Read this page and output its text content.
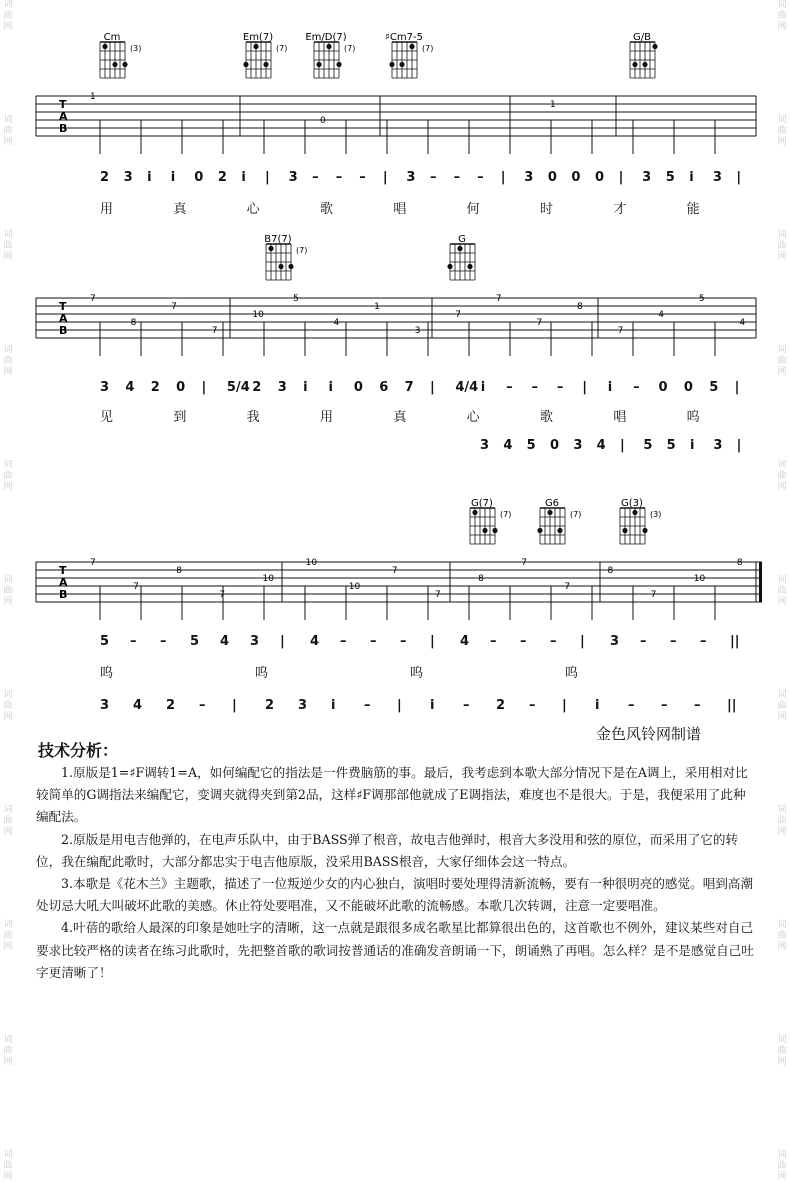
词
曲
网
词
曲
网
词
曲
网
词
曲
网
词
曲
网
词
曲
网
词
曲
网
词
曲
网
词
曲
网
词
曲
网
词
曲
网
词
曲
网
词
曲
网
词
曲
网
词
曲
网
词
曲
网
词
曲
网
词
曲
网
词
曲
网
词
曲
网
词
曲
网
词
曲
网
T
A
B
Cm
(3)
Em(7)
(7)
Em/D(7)
(7)
♯Cm7-5
(7)
G/B
1
0
1
2 3 i i 0 2 i | 3 – – – | 3 – – – | 3 0 0 0 | 3 5 i 3 |
用	真	心	歌	唱	何	时	才	能
T
A
B
B7(7)
(7)
G
7
8
7
7
10
5
4
1
3
7
7
7
8
7
4
5
4
3 4 2 0 | 5/4 2 3 i i 0 6 7 | 4/4 i – – – | i – 0 0 5 |
见	到	我	用	真	心	歌	唱	呜
3 4 5 0 3 4 | 5 5 i 3 |
T
A
B
G(7)
(7)
G6
(7)
G(3)
(3)
7
7
8
7
10
10
10
7
7
8
7
7
8
7
10
8
5 – – 5 4 3 | 4 – – – | 4 – – – | 3 – – – ||
呜	呜	呜	呜
3 4 2 – | 2 3 i – | i – 2 – | i – – – ||
金色风铃网制谱
技术分析：

1.原版是1=♯F调转1=A，如何编配它的指法是一件费脑筋的事。最后，我考虑到本歌大部分情况下是在A调上，采用相对比较简单的G调指法来编配它，变调夹就得夹到第2品，这样♯F调那部他就成了E调指法，难度也不是很大。于是，我便采用了此种编配法。

2.原版是用电吉他弹的，在电声乐队中，由于BASS弹了根音，故电吉他弹时，根音大多没用和弦的原位，而采用了它的转位，我在编配此歌时，大部分都忠实于电吉他原版，没采用BASS根音，大家仔细体会这一特点。

3.本歌是《花木兰》主题歌，描述了一位叛逆少女的内心独白，演唱时要处理得清新流畅，要有一种很明亮的感觉。唱到高潮处切忌大吼大叫破坏此歌的美感。休止符处要唱准，又不能破坏此歌的流畅感。本歌几次转调，注意一定要唱准。

4.叶蓓的歌给人最深的印象是她吐字的清晰，这一点就是跟很多成名歌星比都算很出色的，这首歌也不例外，建议某些对自己要求比较严格的读者在练习此歌时，先把整首歌的歌词按普通话的准确发音朗诵一下，朗诵熟了再唱。怎么样？是不是感觉自己吐字更清晰了！
